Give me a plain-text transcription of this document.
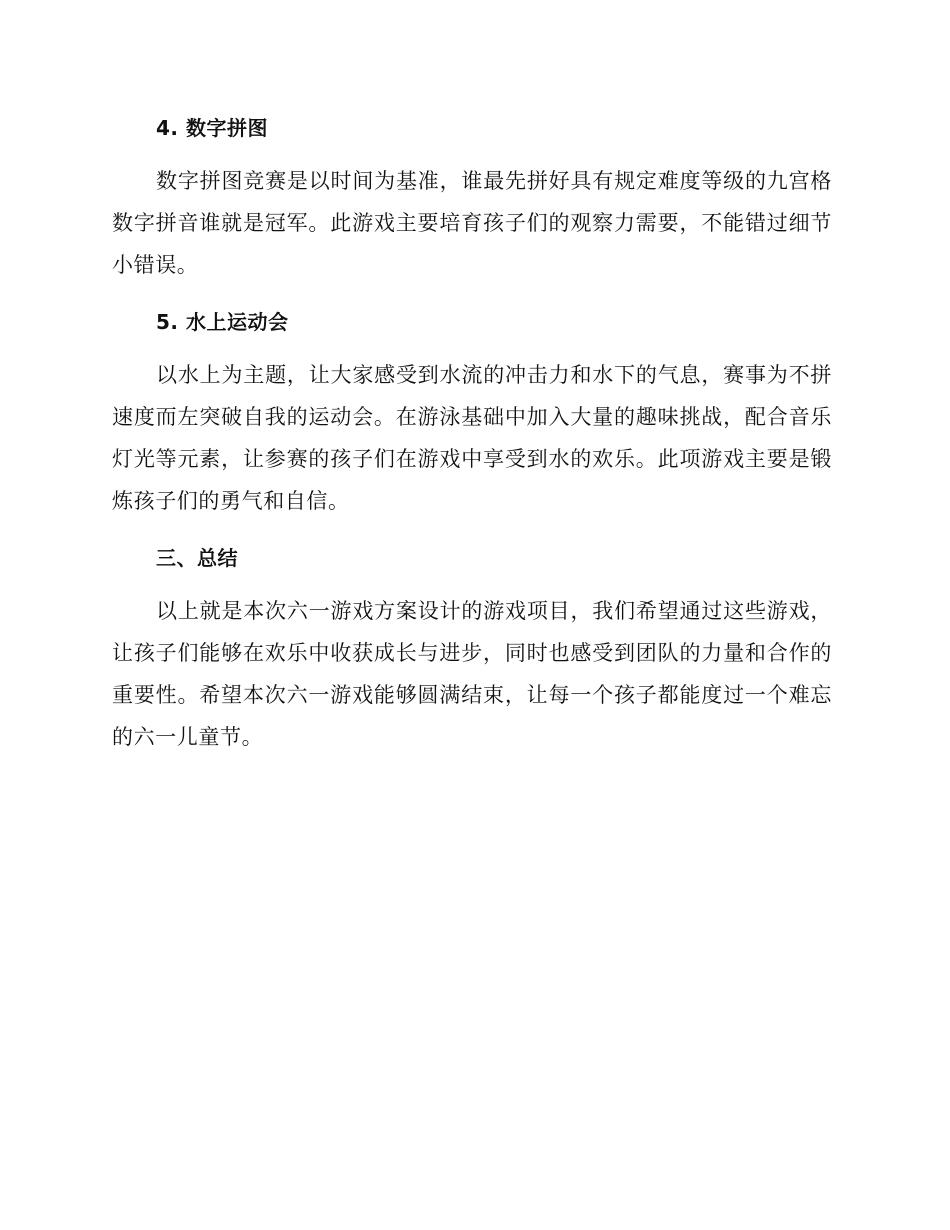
4. 数字拼图

数字拼图竞赛是以时间为基准，谁最先拼好具有规定难度等级的九宫格数字拼音谁就是冠军。此游戏主要培育孩子们的观察力需要，不能错过细节小错误。

5. 水上运动会

以水上为主题，让大家感受到水流的冲击力和水下的气息，赛事为不拼速度而左突破自我的运动会。在游泳基础中加入大量的趣味挑战，配合音乐灯光等元素，让参赛的孩子们在游戏中享受到水的欢乐。此项游戏主要是锻炼孩子们的勇气和自信。

三、总结

以上就是本次六一游戏方案设计的游戏项目，我们希望通过这些游戏，让孩子们能够在欢乐中收获成长与进步，同时也感受到团队的力量和合作的重要性。希望本次六一游戏能够圆满结束，让每一个孩子都能度过一个难忘的六一儿童节。
